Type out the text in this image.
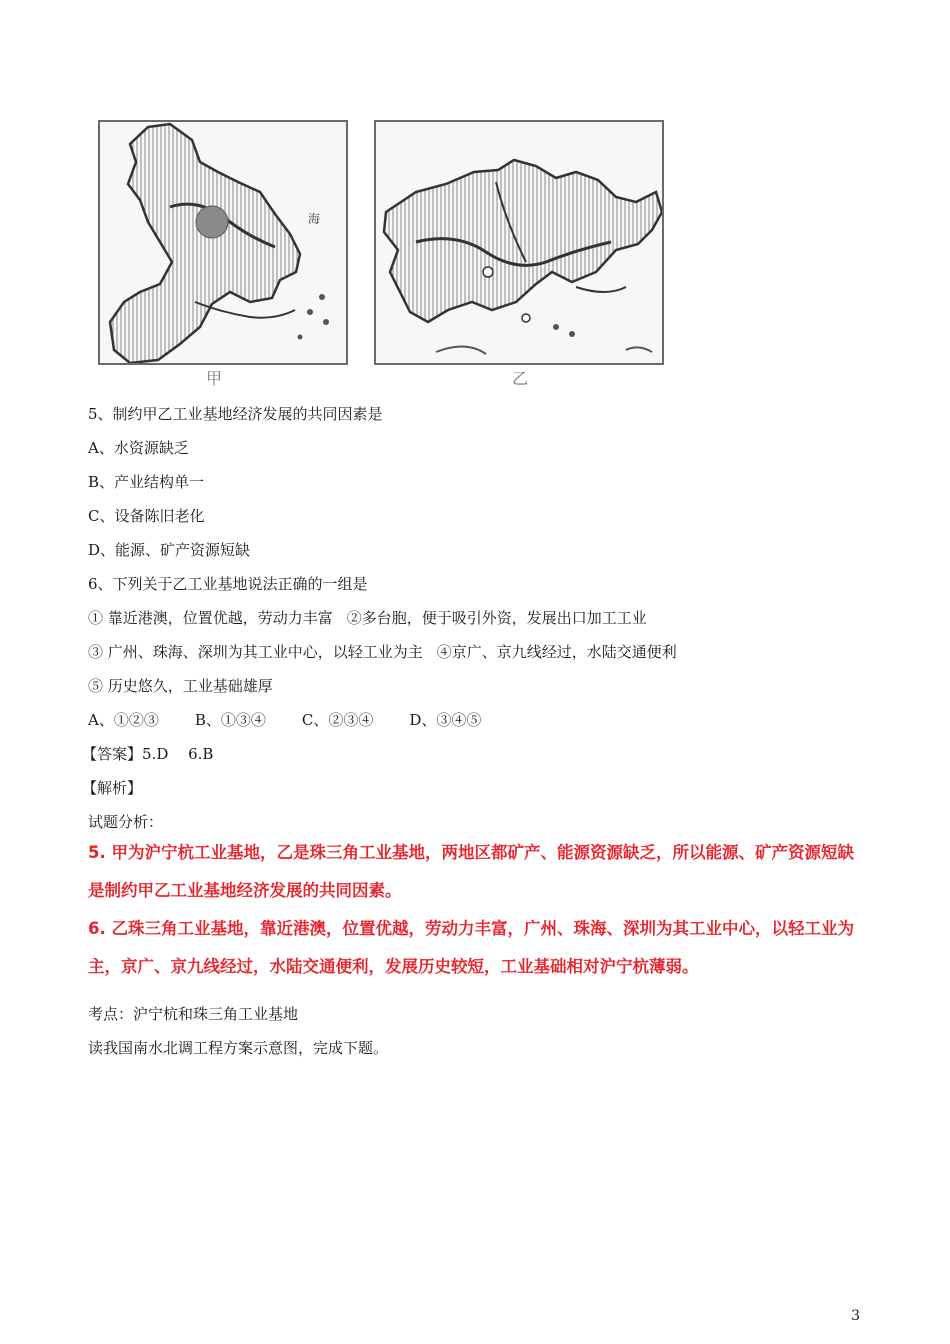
海
甲	乙
5、制约甲乙工业基地经济发展的共同因素是
A、水资源缺乏
B、产业结构单一
C、设备陈旧老化
D、能源、矿产资源短缺
6、下列关于乙工业基地说法正确的一组是
① 靠近港澳，位置优越，劳动力丰富 ②多台胞，便于吸引外资，发展出口加工工业
③ 广州、珠海、深圳为其工业中心，以轻工业为主 ④京广、京九线经过，水陆交通便利
⑤ 历史悠久，工业基础雄厚
A、①②③ B、①③④ C、②③④ D、③④⑤
【答案】5.D　 6.B
【解析】
试题分析：
5. 甲为沪宁杭工业基地，乙是珠三角工业基地，两地区都矿产、能源资源缺乏，所以能源、矿产资源短缺
是制约甲乙工业基地经济发展的共同因素。
6. 乙珠三角工业基地，靠近港澳，位置优越，劳动力丰富，广州、珠海、深圳为其工业中心，以轻工业为
主，京广、京九线经过，水陆交通便利，发展历史较短，工业基础相对沪宁杭薄弱。
考点：沪宁杭和珠三角工业基地
读我国南水北调工程方案示意图，完成下题。
3
